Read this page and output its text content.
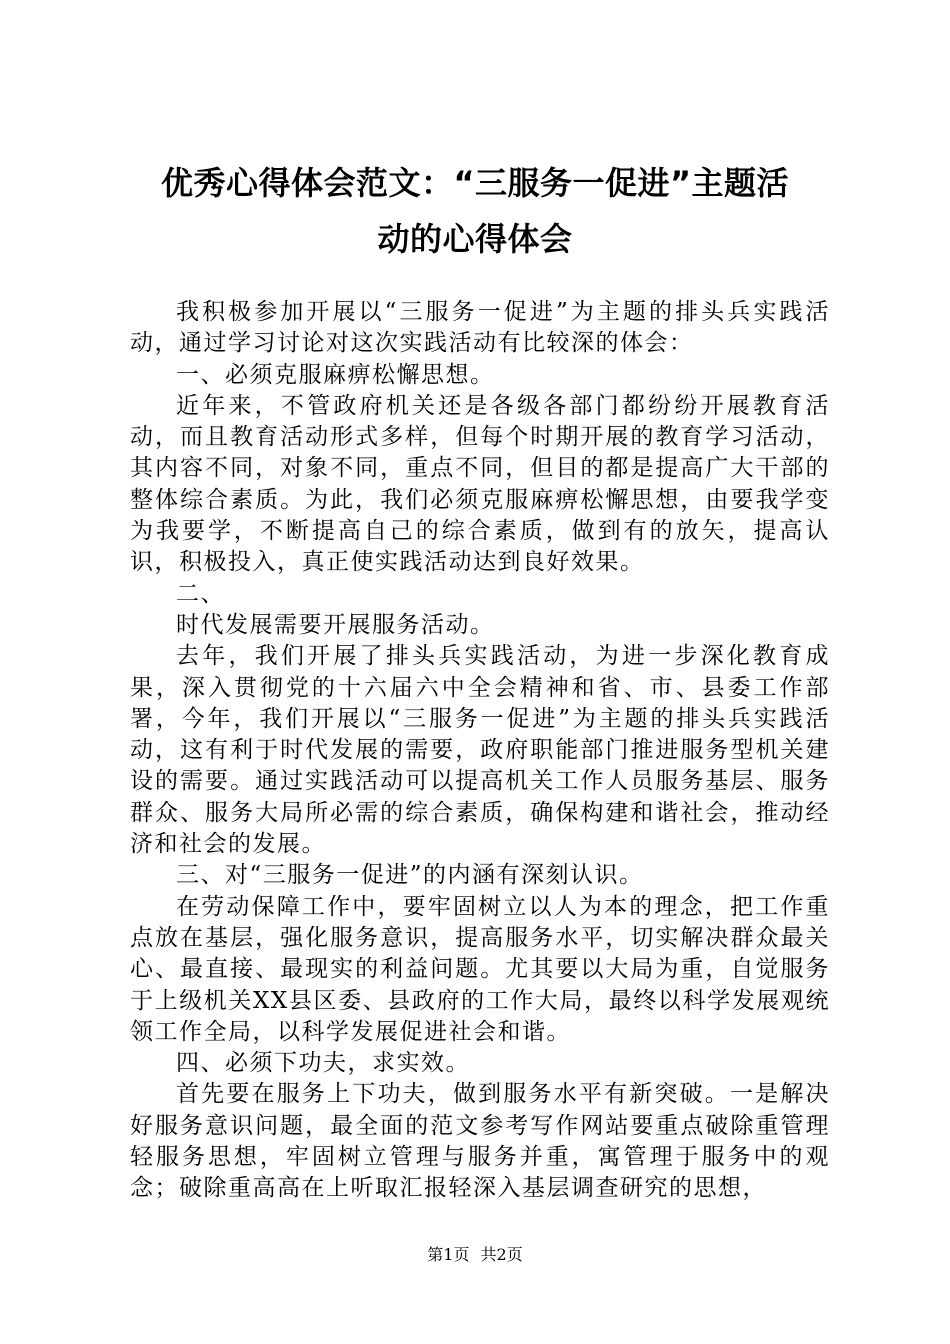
优秀心得体会范文：“三服务一促进”主题活
动的心得体会

我积极参加开展以“三服务一促进”为主题的排头兵实践活动，通过学习讨论对这次实践活动有比较深的体会：

一、必须克服麻痹松懈思想。

近年来，不管政府机关还是各级各部门都纷纷开展教育活动，而且教育活动形式多样，但每个时期开展的教育学习活动，其内容不同，对象不同，重点不同，但目的都是提高广大干部的整体综合素质。为此，我们必须克服麻痹松懈思想，由要我学变为我要学，不断提高自己的综合素质，做到有的放矢，提高认识，积极投入，真正使实践活动达到良好效果。

二、

时代发展需要开展服务活动。

去年，我们开展了排头兵实践活动，为进一步深化教育成果，深入贯彻党的十六届六中全会精神和省、市、县委工作部署，今年，我们开展以“三服务一促进”为主题的排头兵实践活动，这有利于时代发展的需要，政府职能部门推进服务型机关建设的需要。通过实践活动可以提高机关工作人员服务基层、服务群众、服务大局所必需的综合素质，确保构建和谐社会，推动经济和社会的发展。

三、对“三服务一促进”的内涵有深刻认识。

在劳动保障工作中，要牢固树立以人为本的理念，把工作重点放在基层，强化服务意识，提高服务水平，切实解决群众最关心、最直接、最现实的利益问题。尤其要以大局为重，自觉服务于上级机关XX县区委、县政府的工作大局，最终以科学发展观统领工作全局，以科学发展促进社会和谐。

四、必须下功夫，求实效。

首先要在服务上下功夫，做到服务水平有新突破。一是解决好服务意识问题，最全面的范文参考写作网站要重点破除重管理轻服务思想，牢固树立管理与服务并重，寓管理于服务中的观念；破除重高高在上听取汇报轻深入基层调查研究的思想，

第1页 共2页
